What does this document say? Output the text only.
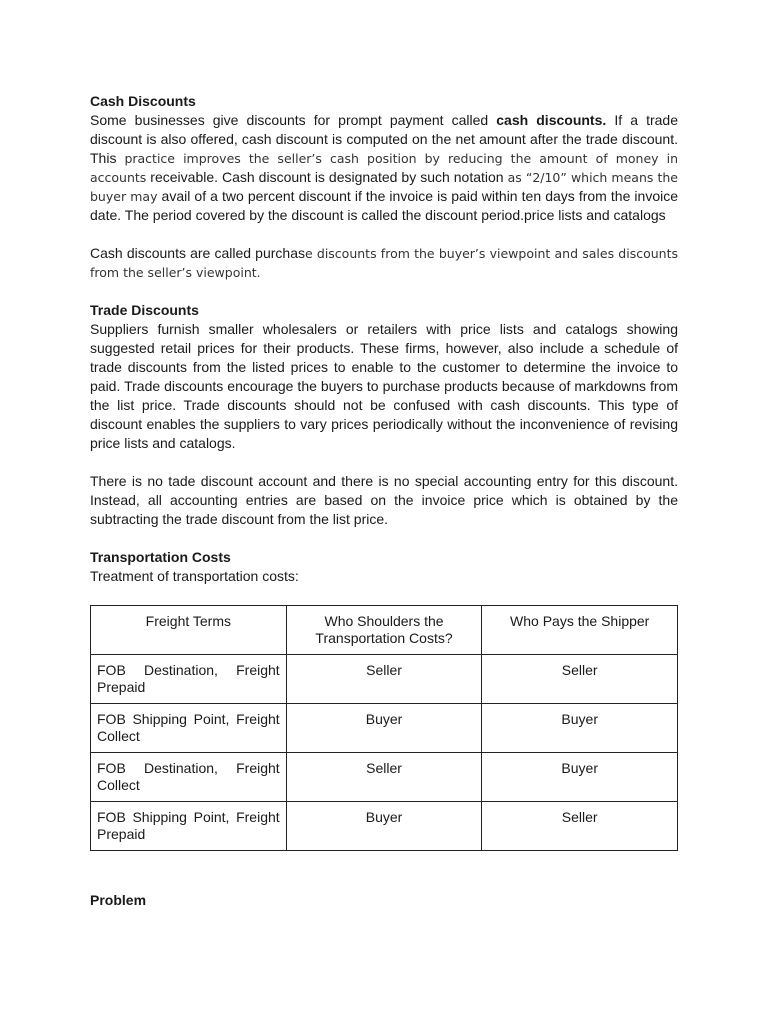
Cash Discounts

Some businesses give discounts for prompt payment called cash discounts. If a trade discount is also offered, cash discount is computed on the net amount after the trade discount. This practice improves the seller’s cash position by reducing the amount of money in accounts receivable. Cash discount is designated by such notation as “2/10” which means the buyer may avail of a two percent discount if the invoice is paid within ten days from the invoice date. The period covered by the discount is called the discount period.price lists and catalogs

Cash discounts are called purchase discounts from the buyer’s viewpoint and sales discounts from the seller’s viewpoint.

Trade Discounts

Suppliers furnish smaller wholesalers or retailers with price lists and catalogs showing suggested retail prices for their products. These firms, however, also include a schedule of trade discounts from the listed prices to enable to the customer to determine the invoice to paid. Trade discounts encourage the buyers to purchase products because of markdowns from the list price. Trade discounts should not be confused with cash discounts. This type of discount enables the suppliers to vary prices periodically without the inconvenience of revising price lists and catalogs.

There is no tade discount account and there is no special accounting entry for this discount. Instead, all accounting entries are based on the invoice price which is obtained by the subtracting the trade discount from the list price.

Transportation Costs

Treatment of transportation costs:

Freight Terms	Who Shoulders the Transportation Costs?	Who Pays the Shipper
FOB Destination, Freight Prepaid	Seller	Seller
FOB Shipping Point, Freight Collect	Buyer	Buyer
FOB Destination, Freight Collect	Seller	Buyer
FOB Shipping Point, Freight Prepaid	Buyer	Seller
Problem
